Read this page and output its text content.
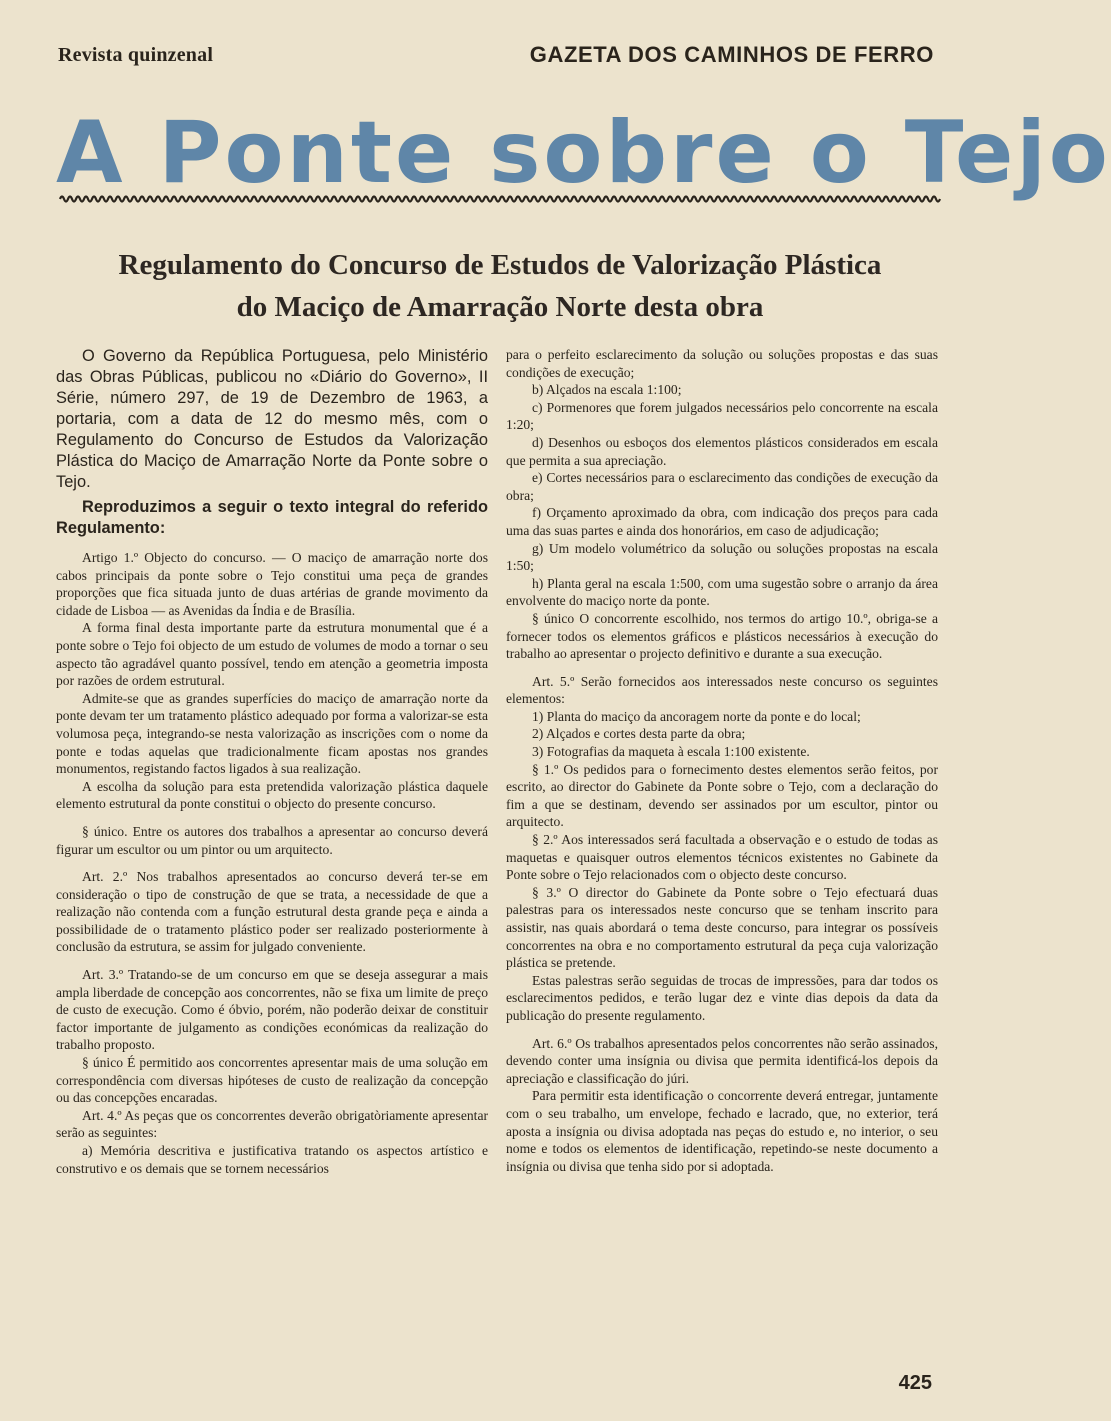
Revista quinzenal	GAZETA DOS CAMINHOS DE FERRO
A Ponte sobre o Tejo
Regulamento do Concurso de Estudos de Valorização Plástica
do Maciço de Amarração Norte desta obra

O Governo da República Portuguesa, pelo Ministério das Obras Públicas, publicou no «Diário do Governo», II Série, número 297, de 19 de Dezembro de 1963, a portaria, com a data de 12 do mesmo mês, com o Regulamento do Concurso de Estudos da Valorização Plástica do Maciço de Amarração Norte da Ponte sobre o Tejo.

Reproduzimos a seguir o texto integral do referido Regulamento:

Artigo 1.º Objecto do concurso. — O maciço de amarração norte dos cabos principais da ponte sobre o Tejo constitui uma peça de grandes proporções que fica situada junto de duas artérias de grande movimento da cidade de Lisboa — as Avenidas da Índia e de Brasília.

A forma final desta importante parte da estrutura monumental que é a ponte sobre o Tejo foi objecto de um estudo de volumes de modo a tornar o seu aspecto tão agradável quanto possível, tendo em atenção a geometria imposta por razões de ordem estrutural.

Admite-se que as grandes superfícies do maciço de amarração norte da ponte devam ter um tratamento plástico adequado por forma a valorizar-se esta volumosa peça, integrando-se nesta valorização as inscrições com o nome da ponte e todas aquelas que tradicionalmente ficam apostas nos grandes monumentos, registando factos ligados à sua realização.

A escolha da solução para esta pretendida valorização plástica daquele elemento estrutural da ponte constitui o objecto do presente concurso.

§ único. Entre os autores dos trabalhos a apresentar ao concurso deverá figurar um escultor ou um pintor ou um arquitecto.

Art. 2.º Nos trabalhos apresentados ao concurso deverá ter-se em consideração o tipo de construção de que se trata, a necessidade de que a realização não contenda com a função estrutural desta grande peça e ainda a possibilidade de o tratamento plástico poder ser realizado posteriormente à conclusão da estrutura, se assim for julgado conveniente.

Art. 3.º Tratando-se de um concurso em que se deseja assegurar a mais ampla liberdade de concepção aos concorrentes, não se fixa um limite de preço de custo de execução. Como é óbvio, porém, não poderão deixar de constituir factor importante de julgamento as condições económicas da realização do trabalho proposto.

§ único É permitido aos concorrentes apresentar mais de uma solução em correspondência com diversas hipóteses de custo de realização da concepção ou das concepções encaradas.

Art. 4.º As peças que os concorrentes deverão obrigatòriamente apresentar serão as seguintes:

a) Memória descritiva e justificativa tratando os aspectos artístico e construtivo e os demais que se tornem necessários

para o perfeito esclarecimento da solução ou soluções propostas e das suas condições de execução;

b) Alçados na escala 1:100;

c) Pormenores que forem julgados necessários pelo concorrente na escala 1:20;

d) Desenhos ou esboços dos elementos plásticos considerados em escala que permita a sua apreciação.

e) Cortes necessários para o esclarecimento das condições de execução da obra;

f) Orçamento aproximado da obra, com indicação dos preços para cada uma das suas partes e ainda dos honorários, em caso de adjudicação;

g) Um modelo volumétrico da solução ou soluções propostas na escala 1:50;

h) Planta geral na escala 1:500, com uma sugestão sobre o arranjo da área envolvente do maciço norte da ponte.

§ único O concorrente escolhido, nos termos do artigo 10.º, obriga-se a fornecer todos os elementos gráficos e plásticos necessários à execução do trabalho ao apresentar o projecto definitivo e durante a sua execução.

Art. 5.º Serão fornecidos aos interessados neste concurso os seguintes elementos:

1) Planta do maciço da ancoragem norte da ponte e do local;

2) Alçados e cortes desta parte da obra;

3) Fotografias da maqueta à escala 1:100 existente.

§ 1.º Os pedidos para o fornecimento destes elementos serão feitos, por escrito, ao director do Gabinete da Ponte sobre o Tejo, com a declaração do fim a que se destinam, devendo ser assinados por um escultor, pintor ou arquitecto.

§ 2.º Aos interessados será facultada a observação e o estudo de todas as maquetas e quaisquer outros elementos técnicos existentes no Gabinete da Ponte sobre o Tejo relacionados com o objecto deste concurso.

§ 3.º O director do Gabinete da Ponte sobre o Tejo efectuará duas palestras para os interessados neste concurso que se tenham inscrito para assistir, nas quais abordará o tema deste concurso, para integrar os possíveis concorrentes na obra e no comportamento estrutural da peça cuja valorização plástica se pretende.

Estas palestras serão seguidas de trocas de impressões, para dar todos os esclarecimentos pedidos, e terão lugar dez e vinte dias depois da data da publicação do presente regulamento.

Art. 6.º Os trabalhos apresentados pelos concorrentes não serão assinados, devendo conter uma insígnia ou divisa que permita identificá-los depois da apreciação e classificação do júri.

Para permitir esta identificação o concorrente deverá entregar, juntamente com o seu trabalho, um envelope, fechado e lacrado, que, no exterior, terá aposta a insígnia ou divisa adoptada nas peças do estudo e, no interior, o seu nome e todos os elementos de identificação, repetindo-se neste documento a insígnia ou divisa que tenha sido por si adoptada.

425
